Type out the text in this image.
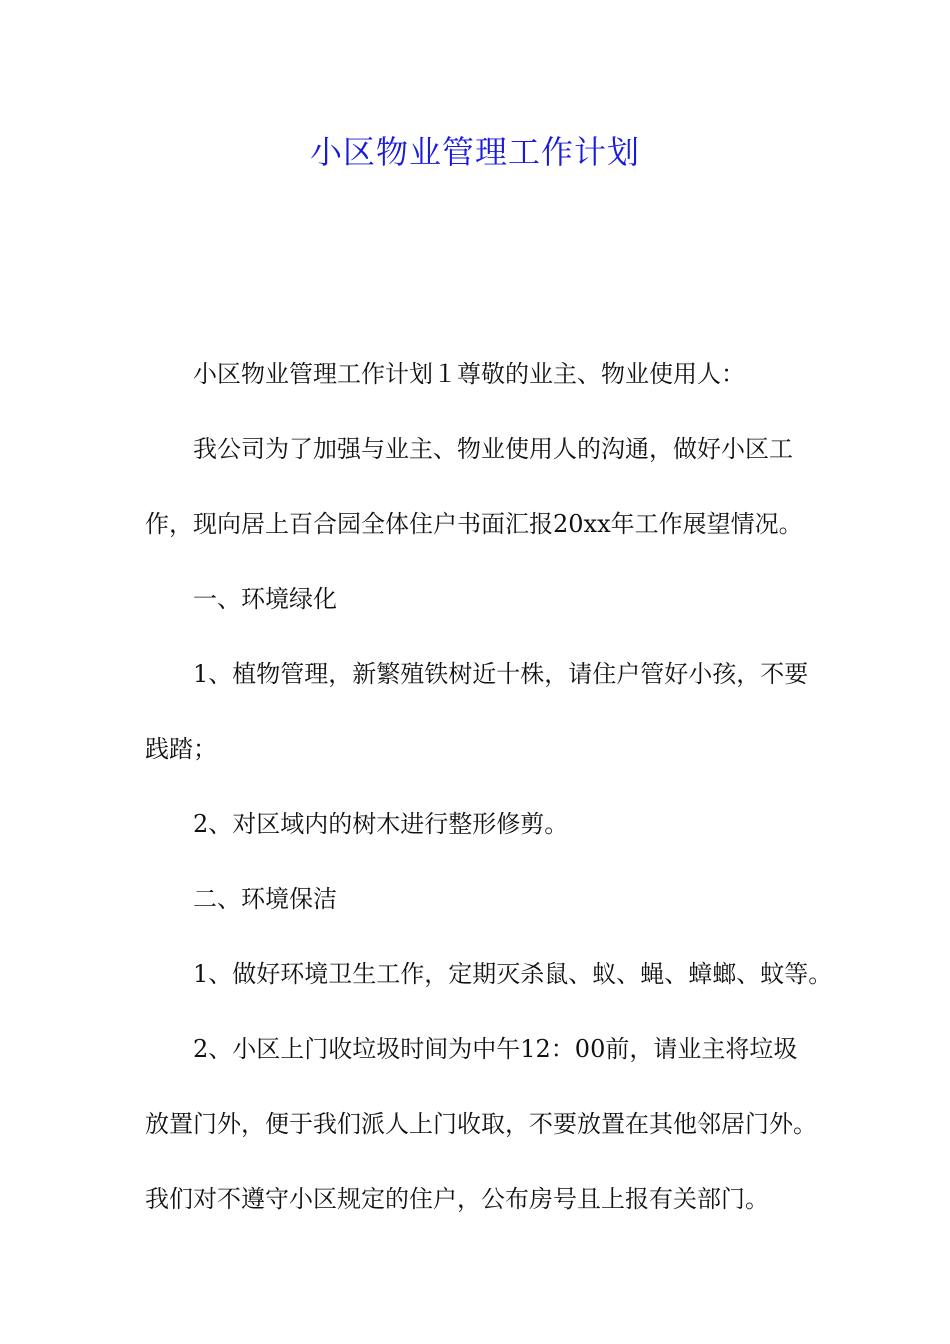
小区物业管理工作计划

小区物业管理工作计划１尊敬的业主、物业使用人：

我公司为了加强与业主、物业使用人的沟通，做好小区工
作，现向居上百合园全体住户书面汇报20xx年工作展望情况。

一、环境绿化

1、植物管理，新繁殖铁树近十株，请住户管好小孩，不要
践踏；

2、对区域内的树木进行整形修剪。

二、环境保洁

1、做好环境卫生工作，定期灭杀鼠、蚁、蝇、蟑螂、蚊等。

2、小区上门收垃圾时间为中午12：00前，请业主将垃圾
放置门外，便于我们派人上门收取，不要放置在其他邻居门外。
我们对不遵守小区规定的住户，公布房号且上报有关部门。
